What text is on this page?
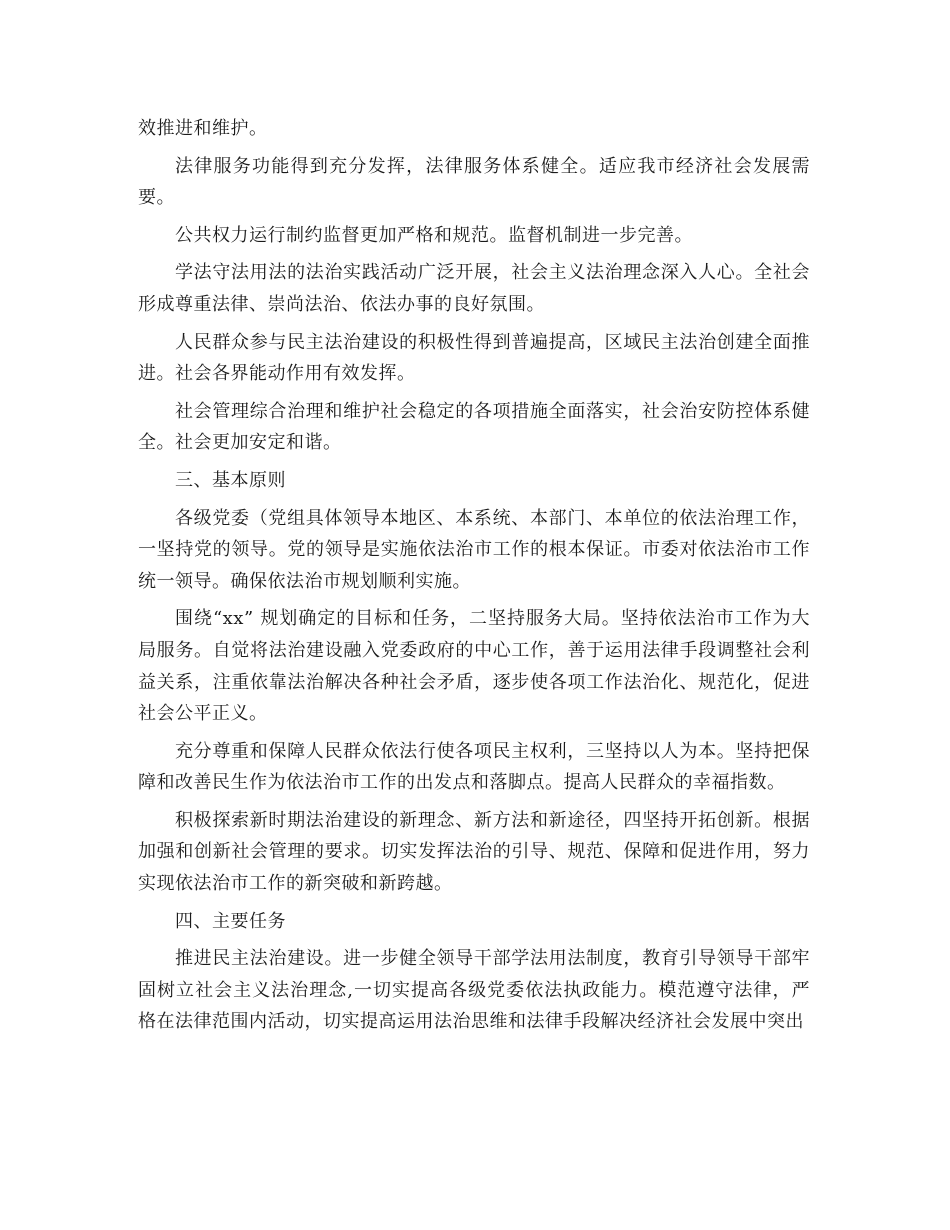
效推进和维护。

法律服务功能得到充分发挥，法律服务体系健全。适应我市经济社会发展需要。

公共权力运行制约监督更加严格和规范。监督机制进一步完善。

学法守法用法的法治实践活动广泛开展，社会主义法治理念深入人心。全社会形成尊重法律、崇尚法治、依法办事的良好氛围。

人民群众参与民主法治建设的积极性得到普遍提高，区域民主法治创建全面推进。社会各界能动作用有效发挥。

社会管理综合治理和维护社会稳定的各项措施全面落实，社会治安防控体系健全。社会更加安定和谐。

三、基本原则

各级党委（党组具体领导本地区、本系统、本部门、本单位的依法治理工作，一坚持党的领导。党的领导是实施依法治市工作的根本保证。市委对依法治市工作统一领导。确保依法治市规划顺利实施。

围绕“xx” 规划确定的目标和任务，二坚持服务大局。坚持依法治市工作为大局服务。自觉将法治建设融入党委政府的中心工作，善于运用法律手段调整社会利益关系，注重依靠法治解决各种社会矛盾，逐步使各项工作法治化、规范化，促进社会公平正义。

充分尊重和保障人民群众依法行使各项民主权利，三坚持以人为本。坚持把保障和改善民生作为依法治市工作的出发点和落脚点。提高人民群众的幸福指数。

积极探索新时期法治建设的新理念、新方法和新途径，四坚持开拓创新。根据加强和创新社会管理的要求。切实发挥法治的引导、规范、保障和促进作用，努力实现依法治市工作的新突破和新跨越。

四、主要任务

推进民主法治建设。进一步健全领导干部学法用法制度，教育引导领导干部牢固树立社会主义法治理念,一切实提高各级党委依法执政能力。模范遵守法律，严格在法律范围内活动，切实提高运用法治思维和法律手段解决经济社会发展中突出
